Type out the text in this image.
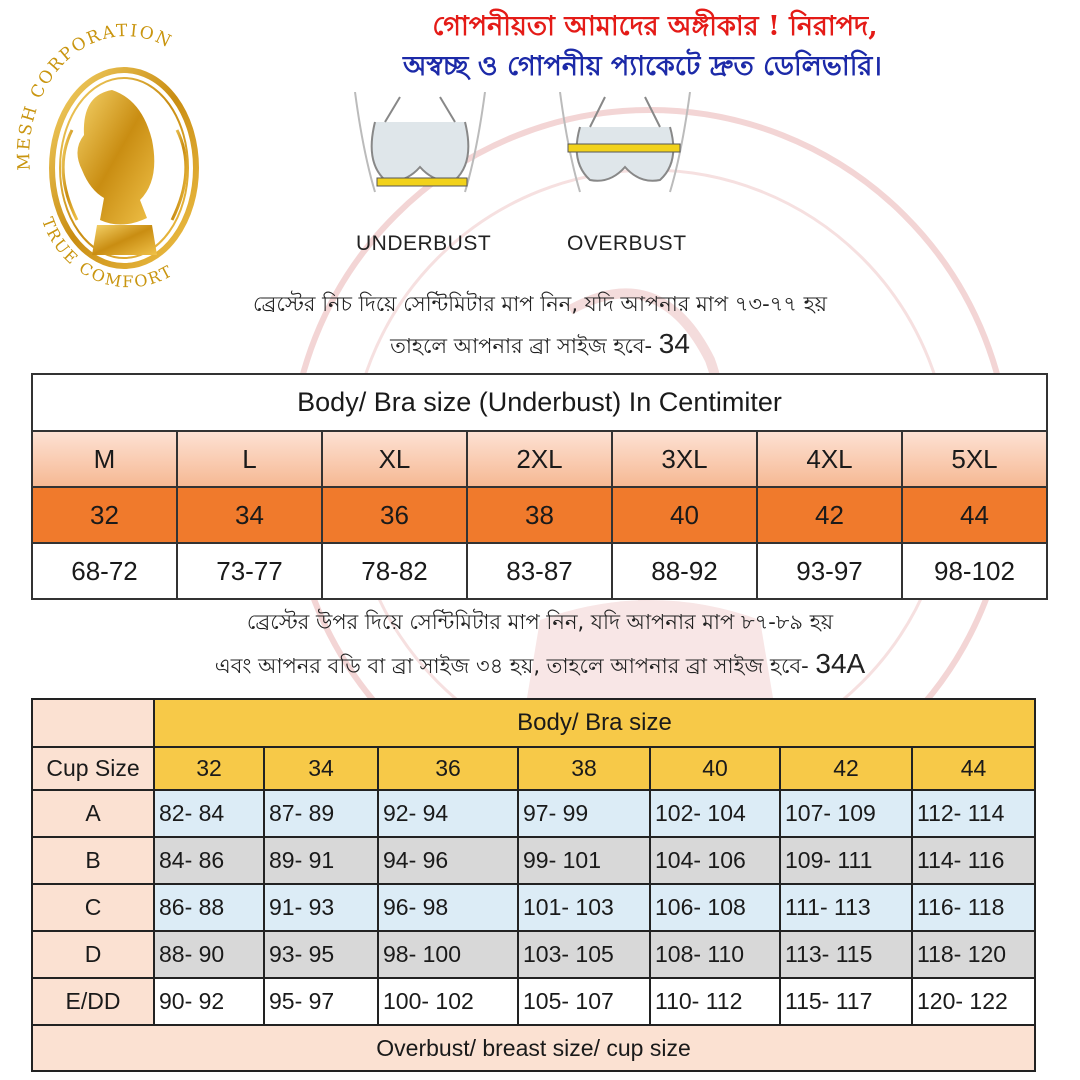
MESH CORPORATION
TRUE COMFORT
গোপনীয়তা আমাদের অঙ্গীকার ! নিরাপদ,
অস্বচ্ছ ও গোপনীয় প্যাকেটে দ্রুত ডেলিভারি।
UNDERBUST	OVERBUST
ব্রেস্টের নিচ দিয়ে সেন্টিমিটার মাপ নিন, যদি আপনার মাপ ৭৩-৭৭ হয়
তাহলে আপনার ব্রা সাইজ হবে- 34
Body/ Bra size (Underbust) In Centimiter						
M	L	XL	2XL	3XL	4XL	5XL
32	34	36	38	40	42	44
68-72	73-77	78-82	83-87	88-92	93-97	98-102
ব্রেস্টের উপর দিয়ে সেন্টিমিটার মাপ নিন, যদি আপনার মাপ ৮৭-৮৯ হয়
এবং আপনর বডি বা ব্রা সাইজ ৩৪ হয়, তাহলে আপনার ব্রা সাইজ হবে- 34A
	Body/ Bra size						
Cup Size	32	34	36	38	40	42	44
A	82- 84	87- 89	92- 94	97- 99	102- 104	107- 109	112- 114
B	84- 86	89- 91	94- 96	99- 101	104- 106	109- 111	114- 116
C	86- 88	91- 93	96- 98	101- 103	106- 108	111- 113	116- 118
D	88- 90	93- 95	98- 100	103- 105	108- 110	113- 115	118- 120
E/DD	90- 92	95- 97	100- 102	105- 107	110- 112	115- 117	120- 122
Overbust/ breast size/ cup size							
